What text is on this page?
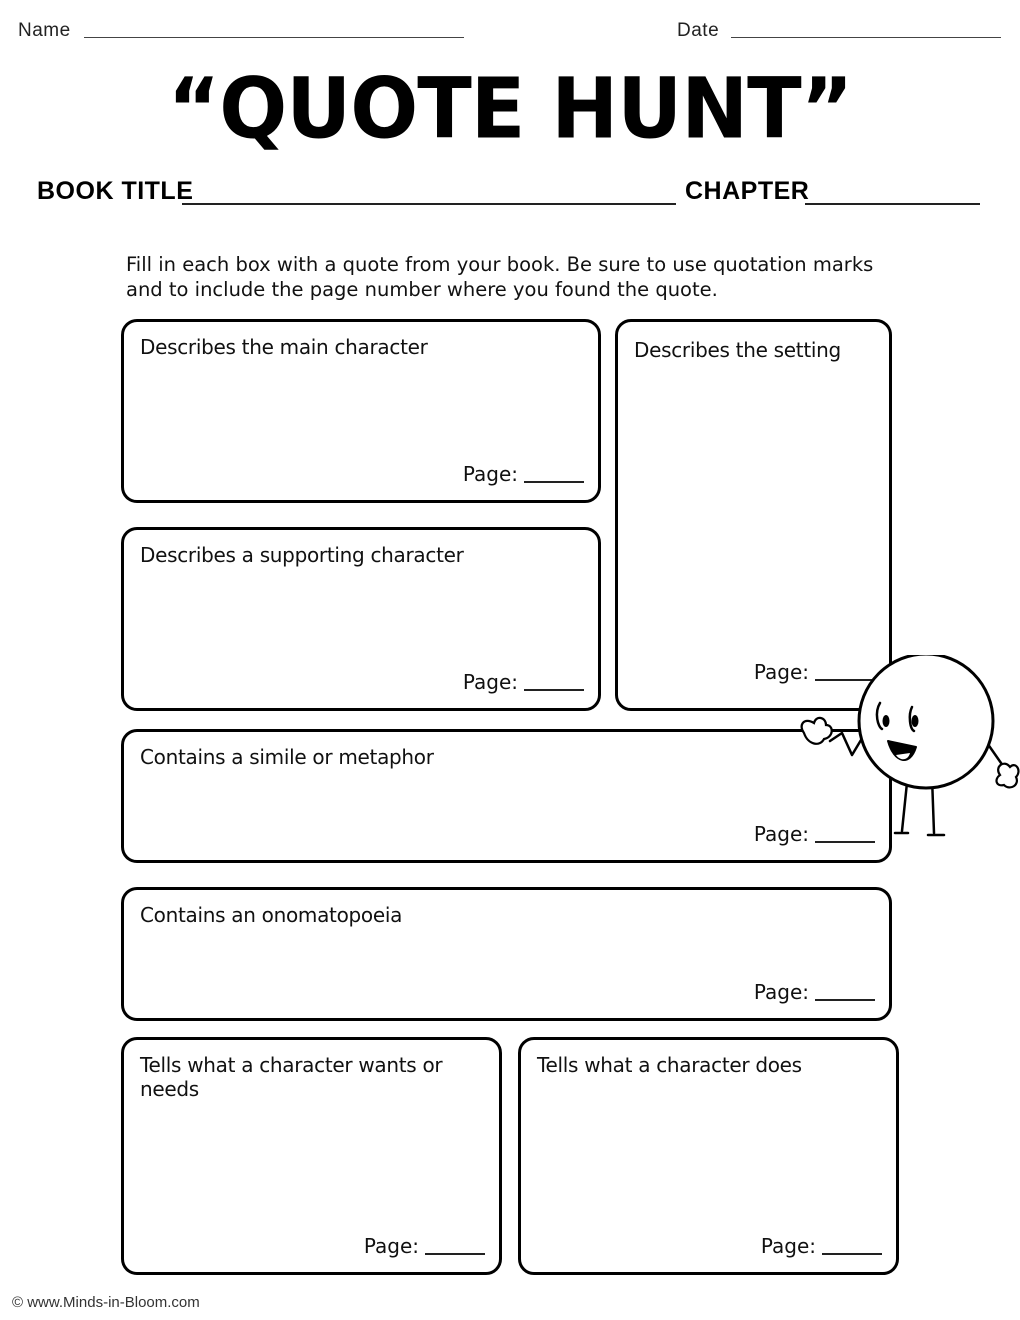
Name	Date
“QUOTE HUNT”
BOOK TITLE	CHAPTER
Fill in each box with a quote from your book. Be sure to use quotation marks and to include the page number where you found the quote.
Describes the main character
Page:
Describes the setting
Page:
Describes a supporting character
Page:
Contains a simile or metaphor
Page:
Contains an onomatopoeia
Page:
Tells what a character wants or needs
Page:
Tells what a character does
Page:
© www.Minds-in-Bloom.com
